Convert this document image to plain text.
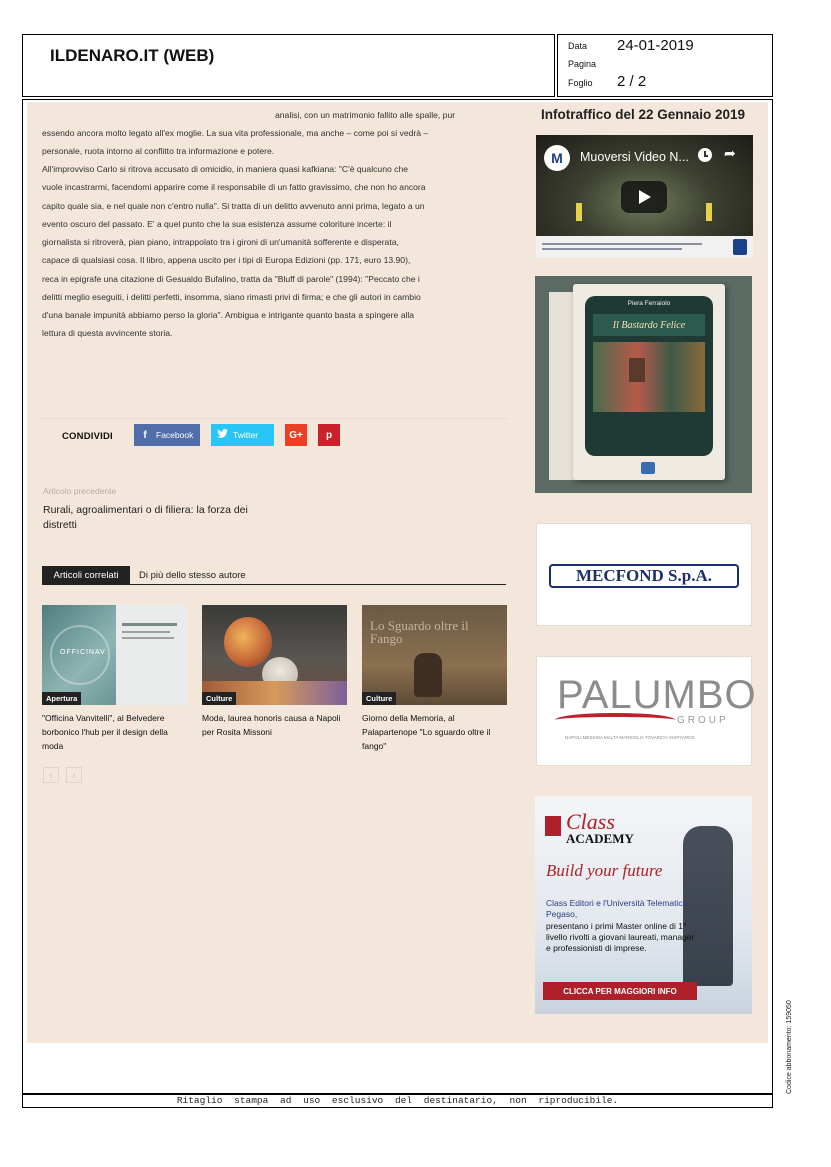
ILDENARO.IT (WEB)	Data 24-01-2019
Pagina
Foglio 2 / 2
analisi, con un matrimonio fallito alle spalle, pur
essendo ancora molto legato all'ex moglie. La sua vita professionale, ma anche – come poi si vedrà –
personale, ruota intorno al conflitto tra informazione e potere.
All'improvviso Carlo si ritrova accusato di omicidio, in maniera quasi kafkiana: "C'è qualcuno che
vuole incastrarmi, facendomi apparire come il responsabile di un fatto gravissimo, che non ho ancora
capito quale sia, e nel quale non c'entro nulla". Si tratta di un delitto avvenuto anni prima, legato a un
evento oscuro del passato. E' a quel punto che la sua esistenza assume coloriture incerte: il
giornalista si ritroverà, pian piano, intrappolato tra i gironi di un'umanità sofferente e disperata,
capace di qualsiasi cosa. Il libro, appena uscito per i tipi di Europa Edizioni (pp. 171, euro 13.90),
reca in epigrafe una citazione di Gesualdo Bufalino, tratta da "Bluff di parole" (1994): "Peccato che i
delitti meglio eseguiti, i delitti perfetti, insomma, siano rimasti privi di firma; e che gli autori in cambio
d'una banale impunità abbiamo perso la gloria". Ambigua e intrigante quanto basta a spingere alla
lettura di questa avvincente storia.
CONDIVIDI	f	Facebook	Twitter	G+ p
Articolo precedente
Rurali, agroalimentari o di filiera: la forza dei distretti
Articoli correlati	Di più dello stesso autore
OFFICINAV
Apertura
"Officina Vanvitelli", al Belvedere borbonico l'hub per il design della moda
Culture
Moda, laurea honoris causa a Napoli per Rosita Missoni
Lo Sguardo oltre il Fango
Culture
Giorno della Memoria, al Palapartenope "Lo sguardo oltre il fango"
‹	›
Infotraffico del 22 Gennaio 2019
M	Muoversi Video N...	➦
Piera Ferraiolo
Il Bastardo Felice
MECFOND S.p.A.
PALUMBO
GROUP
NAPOLI MESSINA MALTA MARSIGLIA TOVARICH SHIPYARDS
Class
ACADEMY
Build your future
Class Editori e l'Università Telematica Pegaso,
presentano i primi Master online di 1° livello rivolti a giovani laureati, manager e professionisti di imprese.
CLICCA PER MAGGIORI INFO
Ritaglio stampa ad uso esclusivo del destinatario, non riproducibile.
Codice abbonamento: 159050
